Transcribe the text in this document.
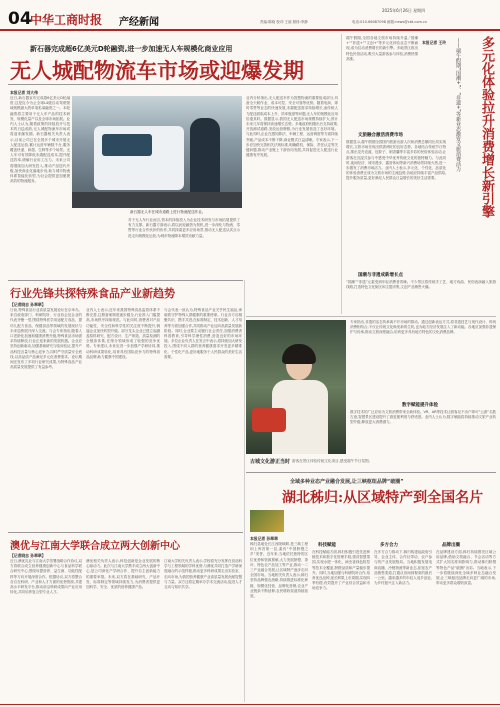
04
中华工商时报 产经新闻
2025年6月26日 星期四
责编:陈晓 校对:王丽 照排:李静	电话:010-66087098 邮箱:news@cbt.com.cn
新石器完成超6亿美元D轮融资,进一步加速无人车规模化商业应用
无人城配物流车市场或迎爆发期
本报记者 刘大伟
近日,新石器宣布完成超6亿美元D轮融资,这是迄今为止全球L4级自动驾驶领域规模最大的单笔私募融资之一。本轮融资将主要用于无人车产品的技术研发、规模化量产以及全球市场拓展。业内人士认为,随着政策的持续放开与技术的日趋成熟,无人城配物流车市场或将迎来爆发期。新石器相关负责人表示,目前公司已在全国多个城市开展无人配送运营,累计运营车辆数千台,服务覆盖快递、商超、生鲜等多个场景。无人车可有效降低末端配送成本,提升配送效率,缓解行业用工压力。未来公司将继续加大研发投入,推动产品迭代升级,加快商业化落地步伐,助力城市物流体系智能化转型,为社会提供更加便捷高效的物流服务。
新石器无人车在城市道路上进行物流配送作业。
业内分析指出,无人配送车作为智慧物流的重要组成部分,具备全天候作业、成本可控、安全可靠等优势。随着电商、即时零售等业态的快速发展,末端配送需求持续增长,而传统人力配送面临成本上升、效率瓶颈等问题,无人车的规模化应用恰逢其时。数据显示,我国无人配送市场规模持续扩大,预计未来几年将保持高速增长态势。多地政府相继出台支持政策,开放测试道路,发放运营牌照,为行业发展营造了良好环境。与此同时,企业在感知算法、车辆工程、运营调度等方面持续突破,产品成本不断下降,商业模式日益清晰。专家表示,下一步应加快完善相关法规标准,明确路权、保险、责任认定等关键问题,推动产业链上下游协同发展,共同促进无人配送行业健康有序发展。
对于无人车行业而言,资本的持续投入为企业技术研发与市场拓展提供了有力支撑。新石器方面表示,将以此轮融资为契机,进一步深化与物流、零售等行业合作伙伴的协作,共同探索更多应用场景,推动无人配送从试点示范走向规模化运营,为城市物流降本增效贡献力量。
行业先锋共探特殊食品产业新趋势
【记者晓志 孙翠翠】
日前,特殊食品行业高质量发展论坛在京举办。来自政府部门、科研院所、行业协会及企业的代表齐聚一堂,围绕特殊医学用途配方食品、婴幼儿配方食品、保健食品等领域的发展现状与未来趋势展开深入交流。与会专家指出,随着人口老龄化加速和健康消费升级,特殊食品市场需求持续释放,行业正迎来新的发展机遇。企业应坚持创新驱动,加强基础研究与临床验证,提升产品科技含量与核心竞争力,同时严守质量安全底线,以高品质产品满足多元化消费需求。论坛期间还发布了多项行业研究成果,为特殊食品产业高质量发展提供了有益参考。
业内人士表示,近年来我国特殊食品监管体系不断完善,注册备案制度逐步健全,行业准入门槛提高,市场秩序持续规范。与此同时,消费者对产品功能性、安全性和科学性的关注度不断提升,倒逼企业加快转型升级。部分龙头企业已建立起涵盖原料研究、配方设计、生产制造、质量检测的全链条体系,在细分领域形成了较强的竞争优势。专家建议,未来应进一步加强产学研协同,推动科研成果转化,培育具有国际竞争力的特殊食品品牌,助力健康中国建设。
与会代表一致认为,特殊食品产业关乎民生福祉,承载着守护特殊人群健康的重要使命。行业各方应凝聚共识、携手共进,在标准制定、技术创新、人才培养等方面加强合作,共同推动产业迈向高质量发展新阶段。同时,企业要主动履行社会责任,加强消费者科普教育,引导科学理性消费,营造良好的市场环境。多位企业负责人在发言中表示,将持续加大研发投入,围绕不同人群的营养健康需求开发更多精准化、个性化产品,更好地服务于人民群众的美好生活需要。
澳优与江南大学联合成立两大创新中心
【记者晓志 孙翠翠】
近日,澳优乳业与江南大学签署战略合作协议,双方将联合成立营养健康创新中心与食品科学联合研究中心,围绕母婴营养、益生菌、功能性配料等方向开展深度合作。根据协议,双方将整合各自在科研、产业和人才方面的优势资源,共建高水平研发平台,推动前沿科研成果向产业应用转化,共同培养复合型专业人才。
澳优相关负责人表示,科技创新是企业发展的核心驱动力。此次与江南大学携手成立两大创新中心,是公司深化产学研合作、提升自主创新能力的重要举措。未来,双方将在基础研究、产品开发、标准制定等领域持续发力,为消费者提供更加科学、安全、优质的营养健康产品。
江南大学相关负责人表示,学校将充分发挥在食品科学与工程领域的学科优势,与澳优共同打造产学研深度融合的示范样板,推动更多科研成果走出实验室、走向市场,为我国营养健康产业高质量发展贡献智慧与力量。双方还将定期举办学术交流活动,促进人才互动与知识共享。
端午假期,全国各地文旅市场持续升温,“国潮+”“非遗+”“文创+”等多元化体验业态不断涌现,成为拉动消费增长的新引擎。多地景区推出特色民俗活动,吸引大量游客参与体验,消费热情高涨。	多元化体验拉升消费增长新引擎
——端午假期“国潮+”、“非遗+”等新业态激发文旅消费活力
本报记者 王玲
文旅融合激活消费市场
数据显示,端午假期全国国内旅游出游人次和消费总额同比均实现增长,文旅市场呈现出供需两旺的良好态势。各地结合传统节日特点,推出龙舟竞渡、包粽子、制香囊等丰富多彩的民俗体验活动,让游客在沉浸式参与中感受中华优秀传统文化的独特魅力。与此同时,夜间经济、城市漫步、露营休闲等新兴消费场景持续火热,进一步激发了消费市场活力。业内人士表示,多元化、个性化、品质化的体验消费正成为文旅市场的主流趋势,各地应持续丰富产品供给,提升服务质量,更好满足人民群众日益增长的美好生活需要。
国潮与非遗成新增长点
“国潮”“非遗”元素受到年轻消费者青睐。不少景区将传统手工艺、地方戏曲、民俗表演融入旅游线路,打造特色文化街区和主题市集,文创产品销售火爆。
专家指出,非遗的活态传承离不开市场的推动。通过创新表达方式,将非遗技艺与现代设计、时尚消费相结合,不仅让传统文化焕发新的生机,也为地方经济发展注入了新动能。各地应加强非遗保护与传承,推动文旅深度融合,培育更多具有地方特色的文化消费品牌。
数字赋能提升体验
数字技术的广泛应用为文旅消费带来全新体验。VR、AR等技术让游客足不出户即可“云游”名胜古迹,智慧景区建设提升了游览便利度与舒适度。业内人士认为,数字赋能将持续推动文旅产业转型升级,释放更大消费潜力。
古城文化游正当时 游客在景区体验传统文化项目,感受端午节日氛围。
全域多种业态产业融合发展,让三峡枢纽品牌“破圈”
湖北秭归:从区域特产到全国名片
本报记者 孙翠翠
秭归县地处长江西陵峡畔,是三峡工程坝上库首第一县,素有“中国脐橙之乡”美誉。近年来,当地依托独特的区位优势和资源禀赋,大力发展脐橙、茶叶、特色农产品加工等产业,推动一二三产业融合发展,让区域特产逐步走向全国市场。当地相关负责人表示,秭归坚持品牌强农战略,持续推进标准化种植、规模化经营、品牌化营销,农业产业链条不断延伸,农民增收渠道持续拓宽。
科技赋能
在科技赋能方面,秭归积极引进先进种植技术和数字化管理手段,建设智慧果园,实现水肥一体化、病虫害绿色防控等技术全覆盖,脐橙品质和产量稳步提升。同时,当地加强与科研院所合作,培育优良品种,延长鲜果上市周期,实现四季有橙,有效提升了产业综合效益和市场竞争力。
多方合力
在多方合力推动下,秭归构建起政府引导、企业主体、合作社带动、农户参与的产业发展格局。当地积极发展电商直播、冷链物流等新业态,拓宽农产品销售渠道,打通从田间到餐桌的最后一公里。越来越多的年轻人返乡创业,为乡村振兴注入新活力。
品牌出圈
在品牌建设方面,秭归持续擦亮区域公用品牌,借助文旅融合、节会活动等方式扩大知名度和影响力,推动秭归脐橙等特色产品“破圈”出彩。当地表示,下一步将继续深化全域多种业态融合发展,让三峡枢纽品牌走向更广阔的市场,带动更多群众增收致富。
